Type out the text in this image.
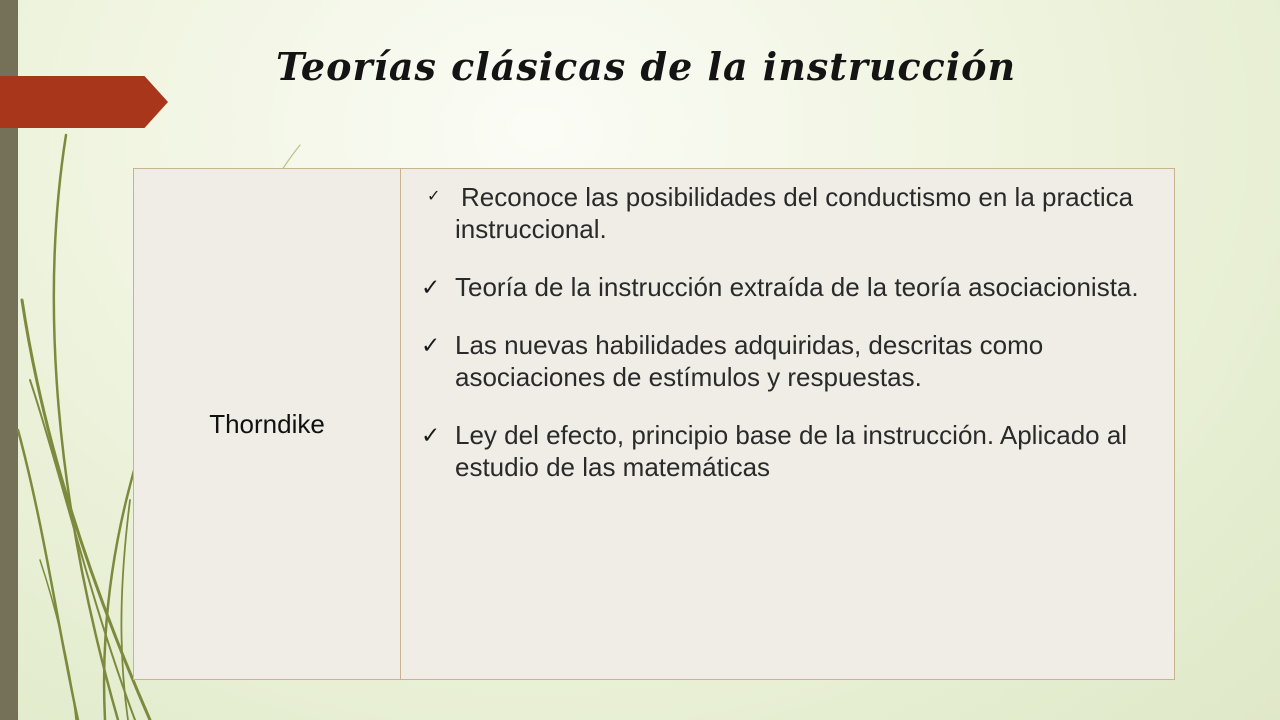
Teorías clásicas de la instrucción
Thorndike
✓ Reconoce las posibilidades del conductismo en la practica instruccional.
✓ Teoría de la instrucción extraída de la teoría asociacionista.
✓ Las nuevas habilidades adquiridas, descritas como asociaciones de estímulos y respuestas.
✓ Ley del efecto, principio base de la instrucción. Aplicado al estudio de las matemáticas
